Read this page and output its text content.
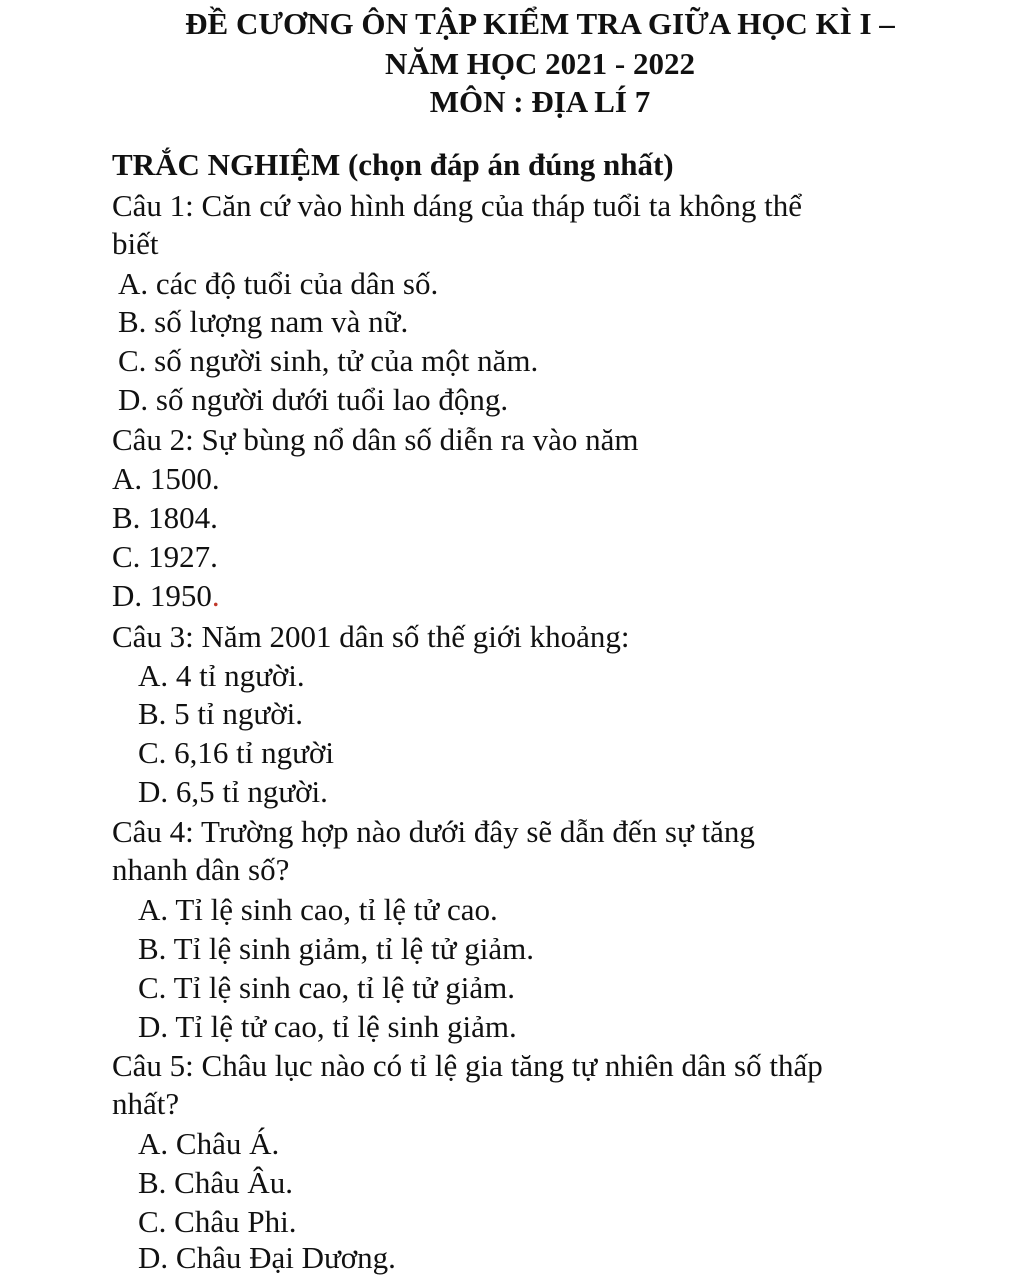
ĐỀ CƯƠNG ÔN TẬP KIỂM TRA GIỮA HỌC KÌ I –
NĂM HỌC 2021 - 2022
MÔN : ĐỊA LÍ 7
TRẮC NGHIỆM (chọn đáp án đúng nhất)
Câu 1: Căn cứ vào hình dáng của tháp tuổi ta không thể
biết
A. các độ tuổi của dân số.
B. số lượng nam và nữ.
C. số người sinh, tử của một năm.
D. số người dưới tuổi lao động.
Câu 2: Sự bùng nổ dân số diễn ra vào năm
A. 1500.
B. 1804.
C. 1927.
D. 1950.
Câu 3: Năm 2001 dân số thế giới khoảng:
A. 4 tỉ người.
B. 5 tỉ người.
C. 6,16 tỉ người
D. 6,5 tỉ người.
Câu 4: Trường hợp nào dưới đây sẽ dẫn đến sự tăng
nhanh dân số?
A. Tỉ lệ sinh cao, tỉ lệ tử cao.
B. Tỉ lệ sinh giảm, tỉ lệ tử giảm.
C. Tỉ lệ sinh cao, tỉ lệ tử giảm.
D. Tỉ lệ tử cao, tỉ lệ sinh giảm.
Câu 5: Châu lục nào có tỉ lệ gia tăng tự nhiên dân số thấp
nhất?
A. Châu Á.
B. Châu Âu.
C. Châu Phi.
D. Châu Đại Dương.
